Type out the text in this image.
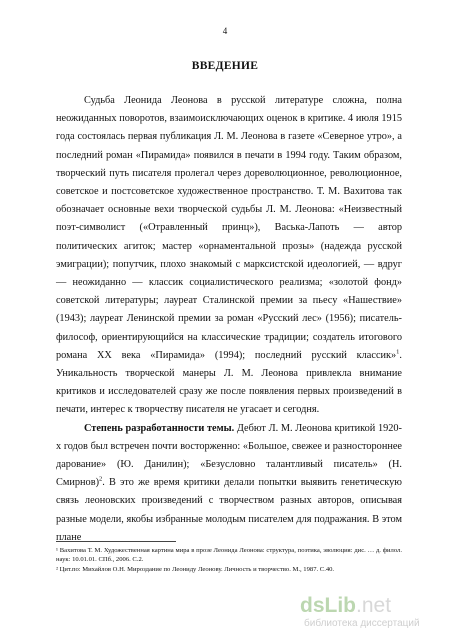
4
ВВЕДЕНИЕ

Судьба Леонида Леонова в русской литературе сложна, полна неожиданных поворотов, взаимоисключающих оценок в критике. 4 июля 1915 года состоялась первая публикация Л. М. Леонова в газете «Северное утро», а последний роман «Пирамида» появился в печати в 1994 году. Таким образом, творческий путь писателя пролегал через дореволюционное, революционное, советское и постсоветское художественное пространство. Т. М. Вахитова так обозначает основные вехи творческой судьбы Л. М. Леонова: «Неизвестный поэт-символист («Отравленный принц»), Васька-Лапоть — автор политических агиток; мастер «орнаментальной прозы» (надежда русской эмиграции); попутчик, плохо знакомый с марксистской идеологией, — вдруг — неожиданно — классик социалистического реализма; «золотой фонд» советской литературы; лауреат Сталинской премии за пьесу «Нашествие» (1943); лауреат Ленинской премии за роман «Русский лес» (1956); писатель-философ, ориентирующийся на классические традиции; создатель итогового романа XX века «Пирамида» (1994); последний русский классик»$^1$. Уникальность творческой манеры Л. М. Леонова привлекла внимание критиков и исследователей сразу же после появления первых произведений в печати, интерес к творчеству писателя не угасает и сегодня.

Степень разработанности темы. Дебют Л. М. Леонова критикой 1920-х годов был встречен почти восторженно: «Большое, свежее и разностороннее дарование» (Ю. Данилин); «Безусловно талантливый писатель» (Н. Смирнов)$^2$. В это же время критики делали попытки выявить генетическую связь леоновских произведений с творчеством разных авторов, описывая разные модели, якобы избранные молодым писателем для подражания. В этом плане

¹ Вахитова Т. М. Художественная картина мира в прозе Леонида Леонова: структура, поэтика, эволюция: дис. … д. филол. наук: 10.01.01. СПб., 2006. С.2.

² Цит.по: Михайлов О.Н. Мироздание по Леониду Леонову. Личность и творчество. М., 1987. С.40.

dsLib.net
библиотека диссертаций
